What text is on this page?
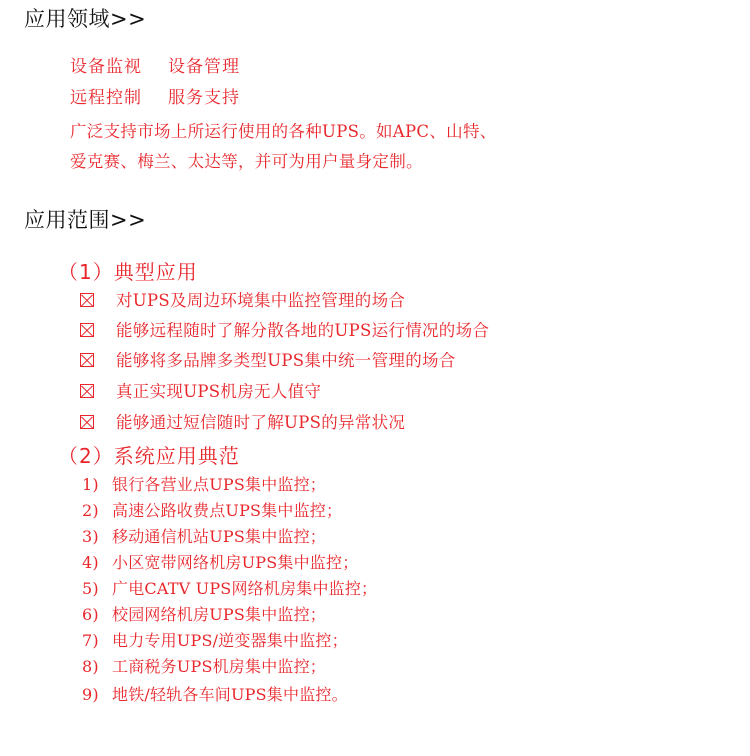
应用领域>>
设备监视 设备管理
远程控制 服务支持
广泛支持市场上所运行使用的各种UPS。如APC、山特、
爱克赛、梅兰、太达等，并可为用户量身定制。
应用范围>>
（1）典型应用
对UPS及周边环境集中监控管理的场合
能够远程随时了解分散各地的UPS运行情况的场合
能够将多品牌多类型UPS集中统一管理的场合
真正实现UPS机房无人值守
能够通过短信随时了解UPS的异常状况
（2）系统应用典范
1) 银行各营业点UPS集中监控；
2) 高速公路收费点UPS集中监控；
3) 移动通信机站UPS集中监控；
4) 小区宽带网络机房UPS集中监控；
5) 广电CATV UPS网络机房集中监控；
6) 校园网络机房UPS集中监控；
7) 电力专用UPS/逆变器集中监控；
8) 工商税务UPS机房集中监控；
9) 地铁/轻轨各车间UPS集中监控。
